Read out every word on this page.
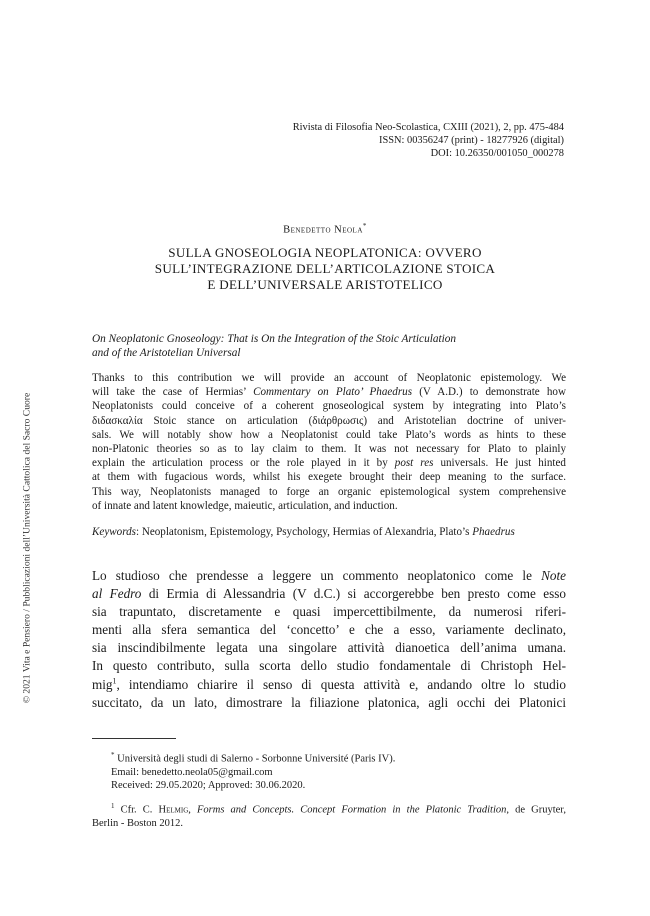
© 2021 Vita e Pensiero / Pubblicazioni dell’Università Cattolica del Sacro Cuore
Rivista di Filosofia Neo-Scolastica, CXIII (2021), 2, pp. 475-484
ISSN: 00356247 (print) - 18277926 (digital)
DOI: 10.26350/001050_000278
Benedetto Neola*
SULLA GNOSEOLOGIA NEOPLATONICA: OVVERO
SULL’INTEGRAZIONE DELL’ARTICOLAZIONE STOICA
E DELL’UNIVERSALE ARISTOTELICO
On Neoplatonic Gnoseology: That is On the Integration of the Stoic Articulation
and of the Aristotelian Universal
Thanks to this contribution we will provide an account of Neoplatonic epistemology. We
will take the case of Hermias’ Commentary on Plato’ Phaedrus (V A.D.) to demonstrate how
Neoplatonists could conceive of a coherent gnoseological system by integrating into Plato’s
διδασκαλία Stoic stance on articulation (διάρθρωσις) and Aristotelian doctrine of univer-
sals. We will notably show how a Neoplatonist could take Plato’s words as hints to these
non-Platonic theories so as to lay claim to them. It was not necessary for Plato to plainly
explain the articulation process or the role played in it by post res universals. He just hinted
at them with fugacious words, whilst his exegete brought their deep meaning to the surface.
This way, Neoplatonists managed to forge an organic epistemological system comprehensive
of innate and latent knowledge, maieutic, articulation, and induction.
Keywords: Neoplatonism, Epistemology, Psychology, Hermias of Alexandria, Plato’s Phaedrus
Lo studioso che prendesse a leggere un commento neoplatonico come le Note
al Fedro di Ermia di Alessandria (V d.C.) si accorgerebbe ben presto come esso
sia trapuntato, discretamente e quasi impercettibilmente, da numerosi riferi-
menti alla sfera semantica del ‘concetto’ e che a esso, variamente declinato,
sia inscindibilmente legata una singolare attività dianoetica dell’anima umana.
In questo contributo, sulla scorta dello studio fondamentale di Christoph Hel-
mig$^1$, intendiamo chiarire il senso di questa attività e, andando oltre lo studio
succitato, da un lato, dimostrare la filiazione platonica, agli occhi dei Platonici
* Università degli studi di Salerno - Sorbonne Université (Paris IV).
Email: benedetto.neola05@gmail.com
Received: 29.05.2020; Approved: 30.06.2020.
$^1$ Cfr. C. Helmig, Forms and Concepts. Concept Formation in the Platonic Tradition, de Gruyter,
Berlin - Boston 2012.
